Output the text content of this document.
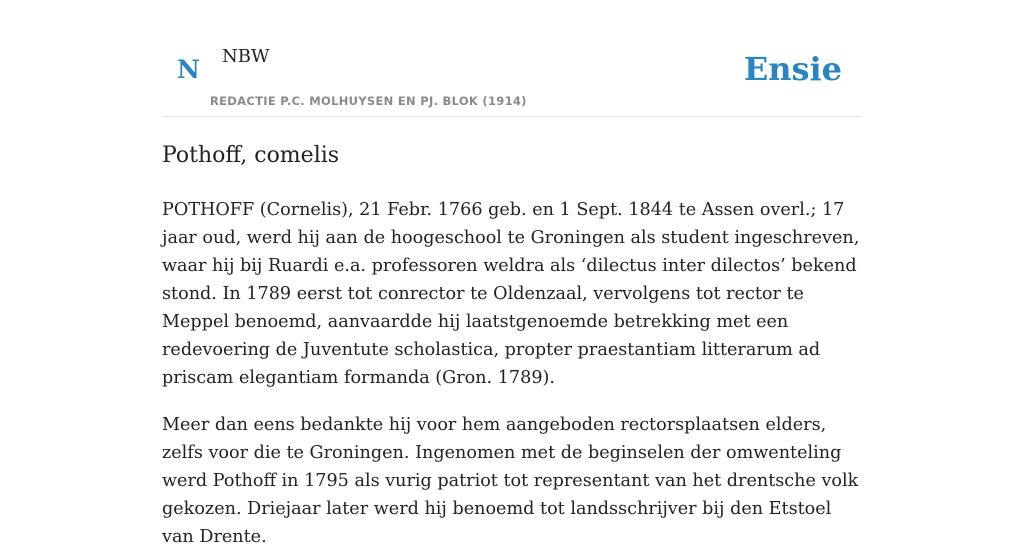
N NBW
REDACTIE P.C. MOLHUYSEN EN PJ. BLOK (1914)
Ensie
Pothoff, comelis

POTHOFF (Cornelis), 21 Febr. 1766 geb. en 1 Sept. 1844 te Assen overl.; 17 jaar oud, werd hij aan de hoogeschool te Groningen als student ingeschreven, waar hij bij Ruardi e.a. professoren weldra als ‘dilectus inter dilectos’ bekend stond. In 1789 eerst tot conrector te Oldenzaal, vervolgens tot rector te Meppel benoemd, aanvaardde hij laatstgenoemde betrekking met een redevoering de Juventute scholastica, propter praestantiam litterarum ad priscam elegantiam formanda (Gron. 1789).

Meer dan eens bedankte hij voor hem aangeboden rectorsplaatsen elders, zelfs voor die te Groningen. Ingenomen met de beginselen der omwenteling werd Pothoff in 1795 als vurig patriot tot representant van het drentsche volk gekozen. Driejaar later werd hij benoemd tot landsschrijver bij den Etstoel van Drente.
